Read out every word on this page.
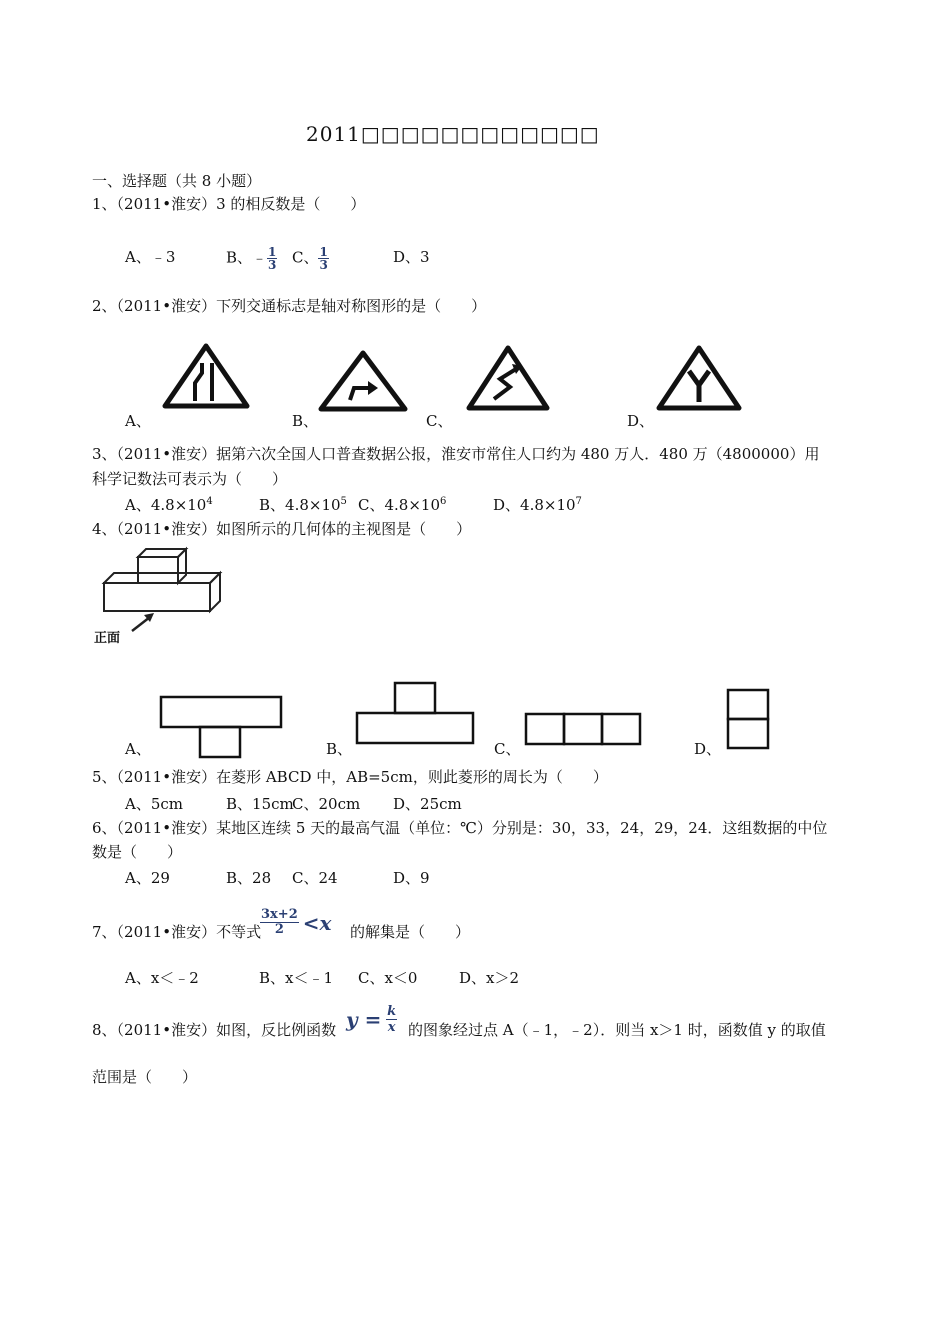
2011□□□□□□□□□□□□
一、选择题（共 8 小题）
1、（2011•淮安）3 的相反数是（　　）
A、﹣3	B、﹣ $\frac{1}{3}$ C、 $\frac{1}{3}$	D、3
2、（2011•淮安）下列交通标志是轴对称图形的是（　　）
A、	B、	C、	D、
3、（2011•淮安）据第六次全国人口普查数据公报，淮安市常住人口约为 480 万人．480 万（4800000）用
科学记数法可表示为（　　）
A、$4.8\times 10^4$	B、$4.8\times 10^5$ C、$4.8\times 10^6$	D、$4.8\times 10^7$
4、（2011•淮安）如图所示的几何体的主视图是（　　）
正面
A、	B、	C、	D、
5、（2011•淮安）在菱形 ABCD 中，AB=5cm，则此菱形的周长为（　　）
A、5cm	B、15cm
C、20cm D、25cm
6、（2011•淮安）某地区连续 5 天的最高气温（单位：℃）分别是：30，33，24，29，24．这组数据的中位
数是（　　）
A、29	B、28 C、24	D、9
7、（2011•淮安）不等式
$\frac{3x+2}{2} <x$ 的解集是（　　）
A、x＜﹣2	B、x＜﹣1 C、x＜0	D、x＞2
8、（2011•淮安）如图，反比例函数 $y = \frac{k}{x}$ 的图象经过点 A（﹣1，﹣2）．则当 x＞1 时，函数值 y 的取值
范围是（　　）
